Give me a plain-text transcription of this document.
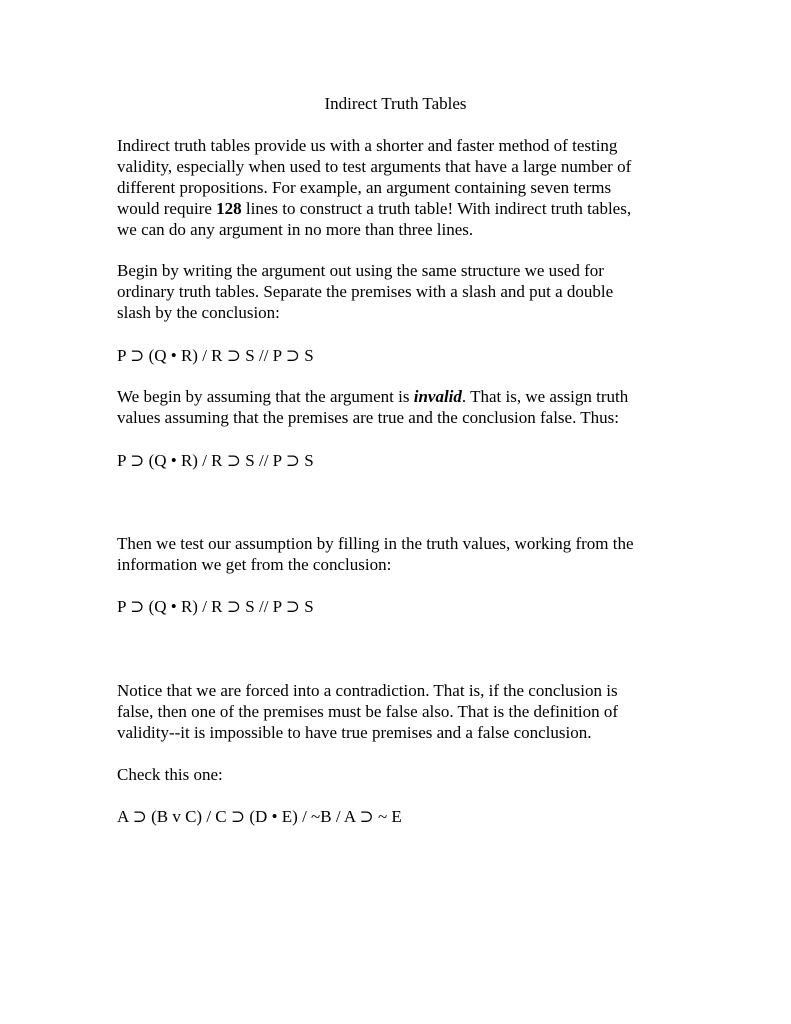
Indirect Truth Tables

Indirect truth tables provide us with a shorter and faster method of testing
validity, especially when used to test arguments that have a large number of
different propositions. For example, an argument containing seven terms
would require 128 lines to construct a truth table! With indirect truth tables,
we can do any argument in no more than three lines.

Begin by writing the argument out using the same structure we used for
ordinary truth tables. Separate the premises with a slash and put a double
slash by the conclusion:

P ⊃ (Q • R) / R ⊃ S // P ⊃ S

We begin by assuming that the argument is invalid. That is, we assign truth
values assuming that the premises are true and the conclusion false. Thus:

P ⊃ (Q • R) / R ⊃ S // P ⊃ S

Then we test our assumption by filling in the truth values, working from the
information we get from the conclusion:

P ⊃ (Q • R) / R ⊃ S // P ⊃ S

Notice that we are forced into a contradiction. That is, if the conclusion is
false, then one of the premises must be false also. That is the definition of
validity--it is impossible to have true premises and a false conclusion.

Check this one:

A ⊃ (B v C) / C ⊃ (D • E) / ~B / A ⊃ ~ E
